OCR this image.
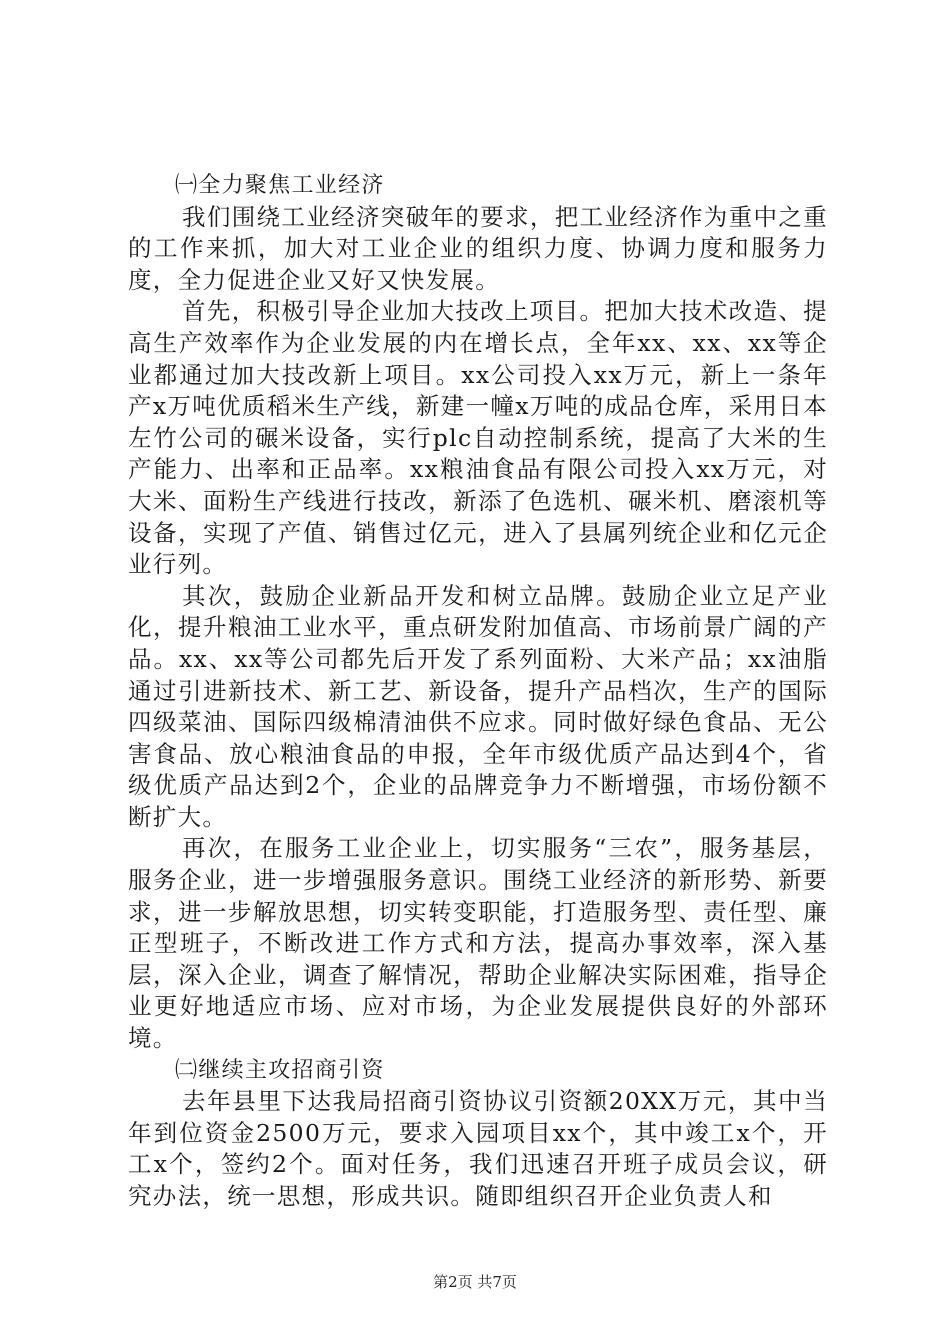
㈠全力聚焦工业经济

我们围绕工业经济突破年的要求，把工业经济作为重中之重的工作来抓，加大对工业企业的组织力度、协调力度和服务力度，全力促进企业又好又快发展。

首先，积极引导企业加大技改上项目。把加大技术改造、提高生产效率作为企业发展的内在增长点，全年xx、xx、xx等企业都通过加大技改新上项目。xx公司投入xx万元，新上一条年产x万吨优质稻米生产线，新建一幢x万吨的成品仓库，采用日本左竹公司的碾米设备，实行plc自动控制系统，提高了大米的生产能力、出率和正品率。xx粮油食品有限公司投入xx万元，对大米、面粉生产线进行技改，新添了色选机、碾米机、磨滚机等设备，实现了产值、销售过亿元，进入了县属列统企业和亿元企业行列。

其次，鼓励企业新品开发和树立品牌。鼓励企业立足产业化，提升粮油工业水平，重点研发附加值高、市场前景广阔的产品。xx、xx等公司都先后开发了系列面粉、大米产品；xx油脂通过引进新技术、新工艺、新设备，提升产品档次，生产的国际四级菜油、国际四级棉清油供不应求。同时做好绿色食品、无公害食品、放心粮油食品的申报，全年市级优质产品达到4个，省级优质产品达到2个，企业的品牌竞争力不断增强，市场份额不断扩大。

再次，在服务工业企业上，切实服务“三农”，服务基层，服务企业，进一步增强服务意识。围绕工业经济的新形势、新要求，进一步解放思想，切实转变职能，打造服务型、责任型、廉正型班子，不断改进工作方式和方法，提高办事效率，深入基层，深入企业，调查了解情况，帮助企业解决实际困难，指导企业更好地适应市场、应对市场，为企业发展提供良好的外部环境。

㈡继续主攻招商引资

去年县里下达我局招商引资协议引资额20XX万元，其中当年到位资金2500万元，要求入园项目xx个，其中竣工x个，开工x个，签约2个。面对任务，我们迅速召开班子成员会议，研究办法，统一思想，形成共识。随即组织召开企业负责人和

第2页 共7页
